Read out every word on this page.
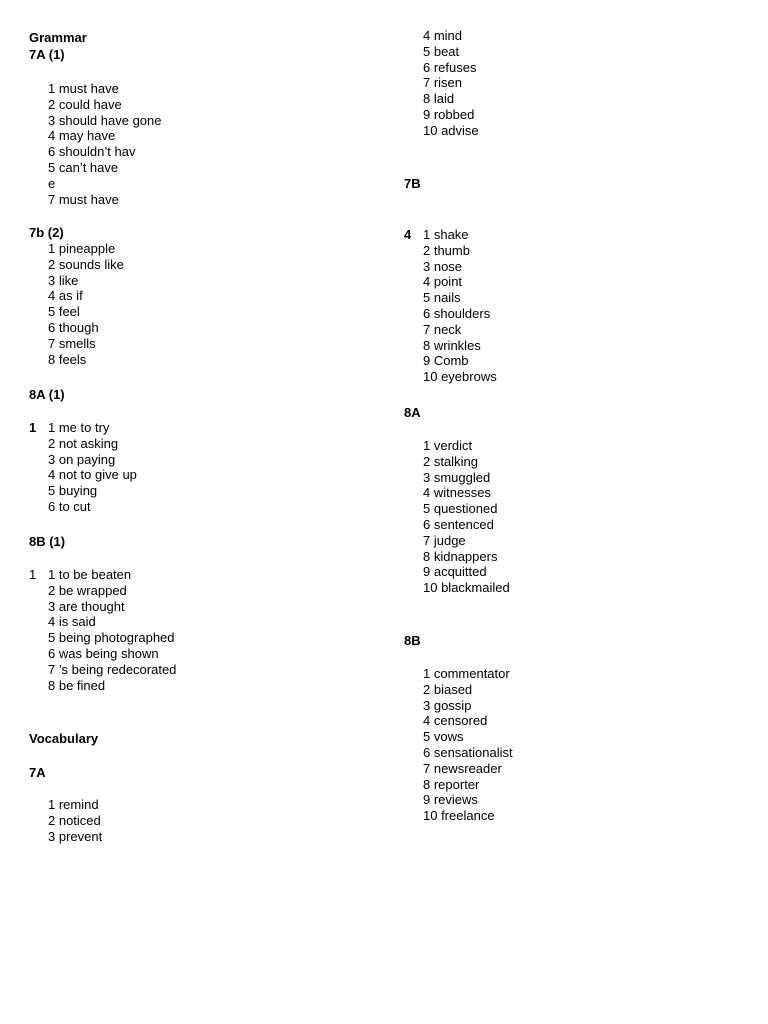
Grammar
7A (1)
7b (2)
8A (1)
1
8B (1)
1
Vocabulary
7A
1 must have
2 could have
3 should have gone
4 may have
6 shouldn’t hav
5 can’t have
e
7 must have
1 pineapple
2 sounds like
3 like
4 as if
5 feel
6 though
7 smells
8 feels
1 me to try
2 not asking
3 on paying
4 not to give up
5 buying
6 to cut
1 to be beaten
2 be wrapped
3 are thought
4 is said
5 being photographed
6 was being shown
7 ’s being redecorated
8 be fined
1 remind
2 noticed
3 prevent
7B
4
8A
8B
4 mind
5 beat
6 refuses
7 risen
8 laid
9 robbed
10 advise
1 shake
2 thumb
3 nose
4 point
5 nails
6 shoulders
7 neck
8 wrinkles
9 Comb
10 eyebrows
1 verdict
2 stalking
3 smuggled
4 witnesses
5 questioned
6 sentenced
7 judge
8 kidnappers
9 acquitted
10 blackmailed
1 commentator
2 biased
3 gossip
4 censored
5 vows
6 sensationalist
7 newsreader
8 reporter
9 reviews
10 freelance
